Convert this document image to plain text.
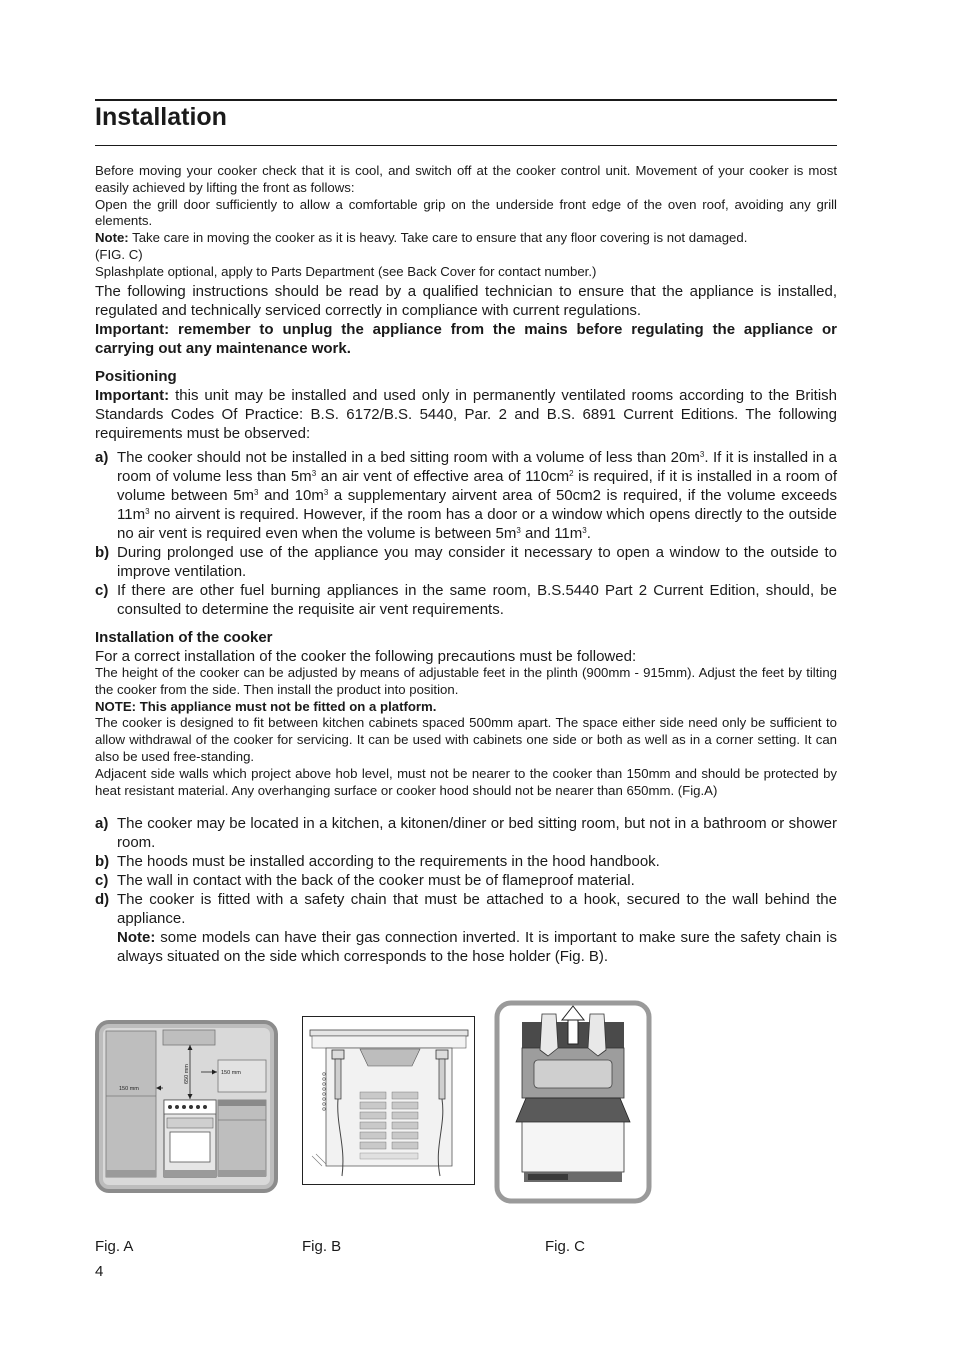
Installation

Before moving your cooker check that it is cool, and switch off at the cooker control unit. Movement of your cooker is most easily achieved by lifting the front as follows:
Open the grill door sufficiently to allow a comfortable grip on the underside front edge of the oven roof, avoiding any grill elements.
Note: Take care in moving the cooker as it is heavy. Take care to ensure that any floor covering is not damaged.
(FIG. C)
Splashplate optional, apply to Parts Department (see Back Cover for contact number.)

The following instructions should be read by a qualified technician to ensure that the appliance is installed, regulated and technically serviced correctly in compliance with current regulations.

Important: remember to unplug the appliance from the mains before regulating the appliance or carrying out any maintenance work.

Positioning

Important: this unit may be installed and used only in permanently ventilated rooms according to the British Standards Codes Of Practice: B.S. 6172/B.S. 5440, Par. 2 and B.S. 6891 Current Editions. The following requirements must be observed:

a) The cooker should not be installed in a bed sitting room with a volume of less than $20m^3$. If it is installed in a room of volume less than $5m^3$ an air vent of effective area of $110cm^2$ is required, if it is installed in a room of volume between $5m^3$ and $10m^3$ a supplementary airvent area of 50cm2 is required, if the volume exceeds $11m^3$ no airvent is required. However, if the room has a door or a window which opens directly to the outside no air vent is required even when the volume is between $5m^3$ and $11m^3$.
b) During prolonged use of the appliance you may consider it necessary to open a window to the outside to improve ventilation.
c) If there are other fuel burning appliances in the same room, B.S.5440 Part 2 Current Edition, should, be consulted to determine the requisite air vent requirements.

Installation of the cooker

For a correct installation of the cooker the following precautions must be followed:

The height of the cooker can be adjusted by means of adjustable feet in the plinth (900mm - 915mm). Adjust the feet by tilting the cooker from the side. Then install the product into position.
NOTE: This appliance must not be fitted on a platform.
The cooker is designed to fit between kitchen cabinets spaced 500mm apart. The space either side need only be sufficient to allow withdrawal of the cooker for servicing. It can be used with cabinets one side or both as well as in a corner setting. It can also be used free-standing.
Adjacent side walls which project above hob level, must not be nearer to the cooker than 150mm and should be protected by heat resistant material. Any overhanging surface or cooker hood should not be nearer than 650mm. (Fig.A)

a) The cooker may be located in a kitchen, a kitonen/diner or bed sitting room, but not in a bathroom or shower room.
b) The hoods must be installed according to the requirements in the hood handbook.
c) The wall in contact with the back of the cooker must be of flameproof material.
d) The cooker is fitted with a safety chain that must be attached to a hook, secured to the wall behind the appliance.
Note: some models can have their gas connection inverted. It is important to make sure the safety chain is always situated on the side which corresponds to the hose holder (Fig. B).
150 mm
650 mm	150 mm
Fig. A	Fig. B	Fig. C
4
